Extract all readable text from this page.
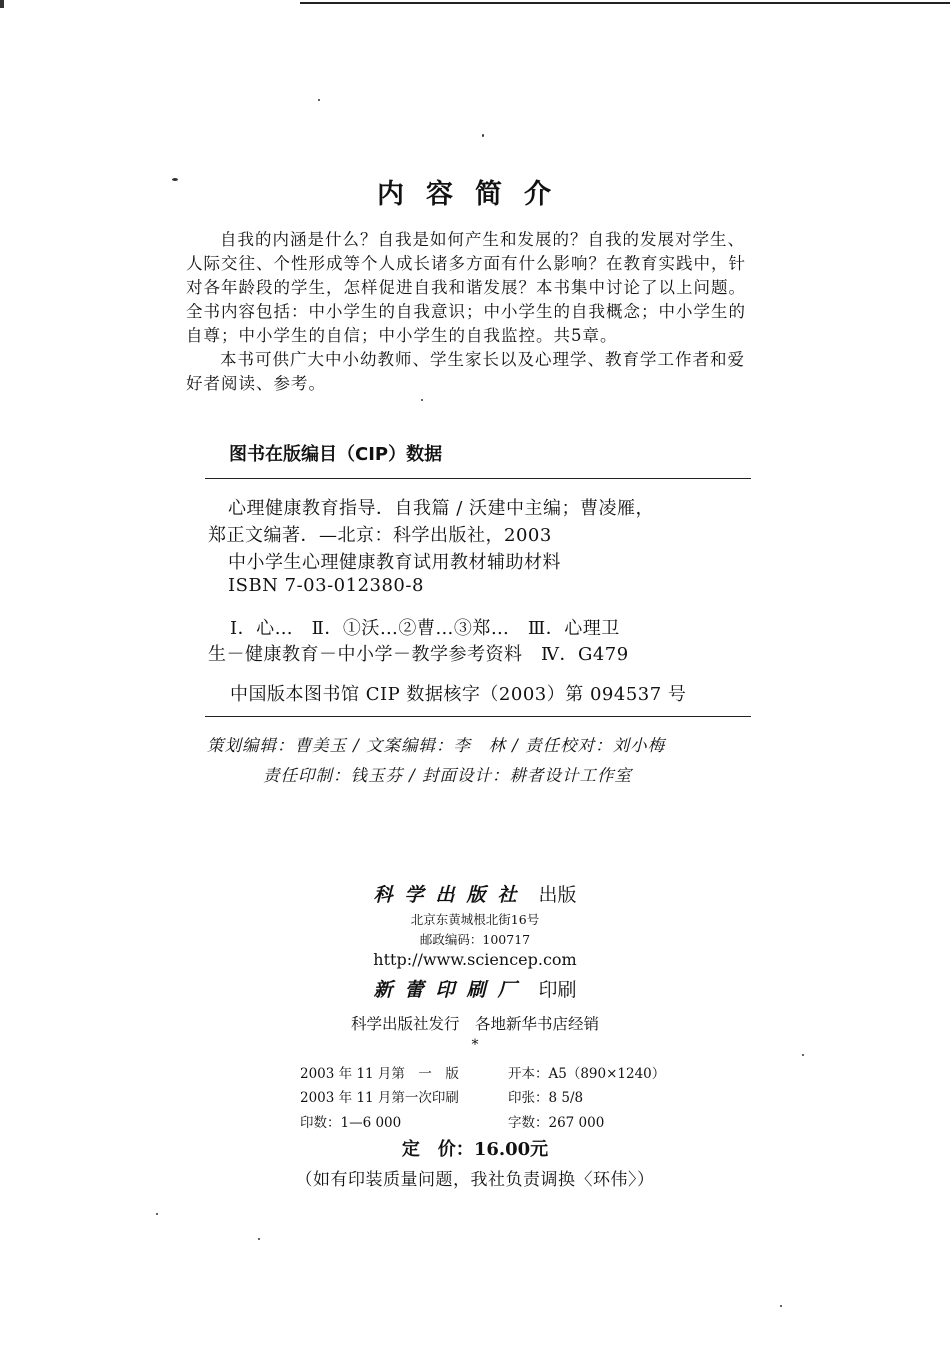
内容简介
自我的内涵是什么？自我是如何产生和发展的？自我的发展对学生、
人际交往、个性形成等个人成长诸多方面有什么影响？在教育实践中，针
对各年龄段的学生，怎样促进自我和谐发展？本书集中讨论了以上问题。
全书内容包括：中小学生的自我意识；中小学生的自我概念；中小学生的
自尊；中小学生的自信；中小学生的自我监控。共5章。
本书可供广大中小幼教师、学生家长以及心理学、教育学工作者和爱
好者阅读、参考。
图书在版编目（CIP）数据
心理健康教育指导．自我篇 / 沃建中主编；曹凌雁，
郑正文编著．—北京：科学出版社，2003
中小学生心理健康教育试用教材辅助材料
ISBN 7-03-012380-8
Ⅰ．心…　Ⅱ．①沃…②曹…③郑…　Ⅲ．心理卫
生－健康教育－中小学－教学参考资料　Ⅳ．G479
中国版本图书馆 CIP 数据核字（2003）第 094537 号
策划编辑：曹美玉 / 文案编辑：李　林 / 责任校对：刘小梅
责任印制：钱玉芬 / 封面设计：耕者设计工作室
科学出版社 出版
北京东黄城根北街16号
邮政编码：100717
http://www.sciencep.com
新蕾印刷厂 印刷
科学出版社发行　各地新华书店经销
*
2003 年 11 月第　一　版	开本：A5（890×1240）
2003 年 11 月第一次印刷	印张：8 5/8
印数：1—6 000	字数：267 000
定　价：16.00元
（如有印装质量问题，我社负责调换〈环伟〉）
